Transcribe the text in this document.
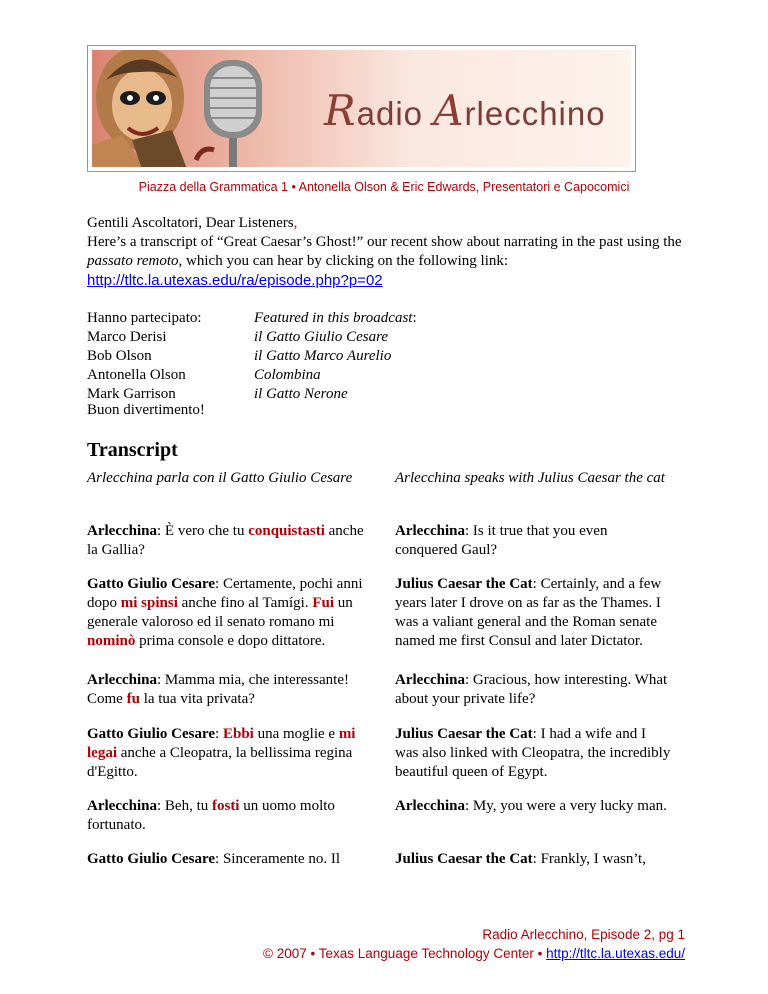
Radio Arlecchino
Piazza della Grammatica 1 • Antonella Olson & Eric Edwards, Presentatori e Capocomici
Gentili Ascoltatori, Dear Listeners,
Here’s a transcript of “Great Caesar’s Ghost!” our recent show about narrating in the past using the passato remoto, which you can hear by clicking on the following link:
http://tltc.la.utexas.edu/ra/episode.php?p=02
Hanno partecipato:
Marco Derisi
Bob Olson
Antonella Olson
Mark Garrison
Featured in this broadcast:
il Gatto Giulio Cesare
il Gatto Marco Aurelio
Colombina
il Gatto Nerone
Buon divertimento!
Transcript
Arlecchina parla con il Gatto Giulio Cesare	Arlecchina speaks with Julius Caesar the cat
Arlecchina: È vero che tu conquistasti anche la Gallia?
Arlecchina: Is it true that you even conquered Gaul?
Gatto Giulio Cesare: Certamente, pochi anni dopo mi spinsi anche fino al Tamígi. Fui un generale valoroso ed il senato romano mi nominò prima console e dopo dittatore.
Julius Caesar the Cat: Certainly, and a few years later I drove on as far as the Thames. I was a valiant general and the Roman senate named me first Consul and later Dictator.
Arlecchina: Mamma mia, che interessante! Come fu la tua vita privata?
Arlecchina: Gracious, how interesting. What about your private life?
Gatto Giulio Cesare: Ebbi una moglie e mi legai anche a Cleopatra, la bellissima regina d'Egitto.
Julius Caesar the Cat: I had a wife and I was also linked with Cleopatra, the incredibly beautiful queen of Egypt.
Arlecchina: Beh, tu fosti un uomo molto fortunato.
Arlecchina: My, you were a very lucky man.
Gatto Giulio Cesare: Sinceramente no. Il	Julius Caesar the Cat: Frankly, I wasn’t,
Radio Arlecchino, Episode 2, pg 1
© 2007 • Texas Language Technology Center • http://tltc.la.utexas.edu/
